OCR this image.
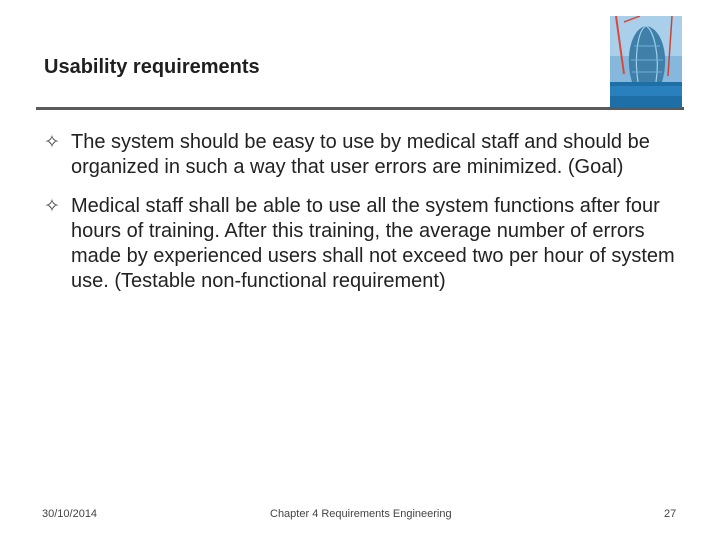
Usability requirements
✧ The system should be easy to use by medical staff and should be organized in such a way that user errors are minimized. (Goal)
✧ Medical staff shall be able to use all the system functions after four hours of training. After this training, the average number of errors made by experienced users shall not exceed two per hour of system use. (Testable non-functional requirement)
30/10/2014	Chapter 4 Requirements Engineering	27
